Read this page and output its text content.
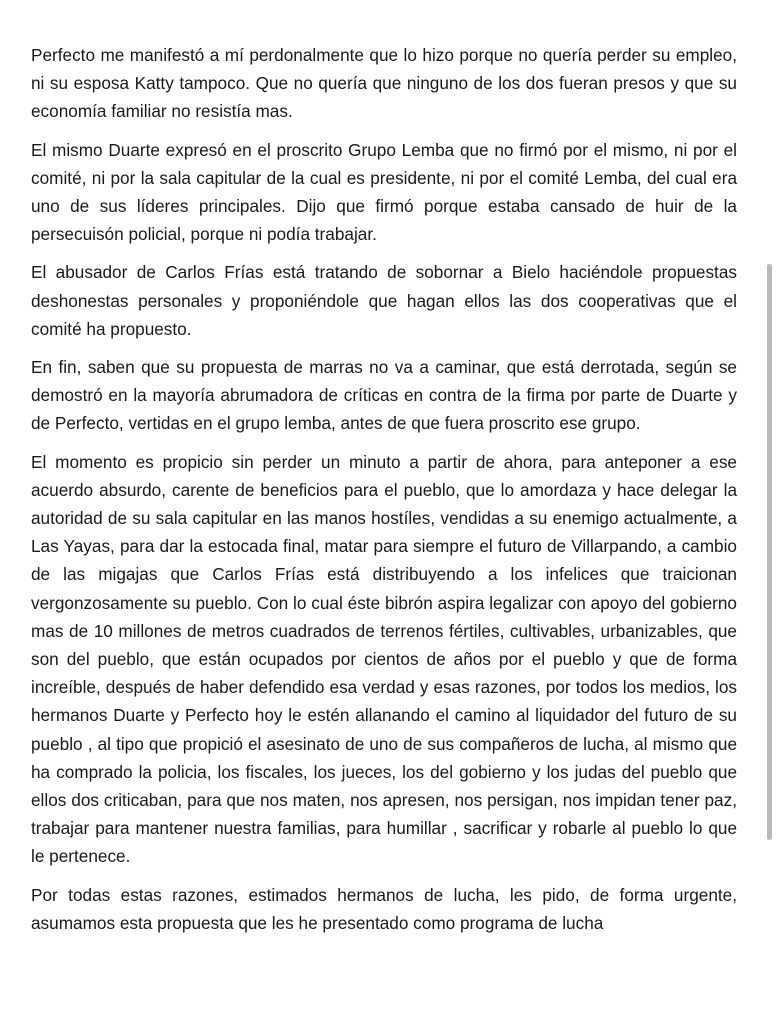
Perfecto me manifestó a mí perdonalmente que lo hizo porque no quería perder su empleo, ni su esposa Katty tampoco. Que no quería que ninguno de los dos fueran presos y que su economía familiar no resistía mas.

El mismo Duarte expresó en el proscrito Grupo Lemba que no firmó por el mismo, ni por el comité, ni por la sala capitular de la cual es presidente, ni por el comité Lemba, del cual era uno de sus líderes principales. Dijo que firmó porque estaba cansado de huir de la persecuisón policial, porque ni podía trabajar.

El abusador de Carlos Frías está tratando de sobornar a Bielo haciéndole propuestas deshonestas personales y proponiéndole que hagan ellos las dos cooperativas que el comité ha propuesto.

En fin, saben que su propuesta de marras no va a caminar, que está derrotada, según se demostró en la mayoría abrumadora de críticas en contra de la firma por parte de Duarte y de Perfecto, vertidas en el grupo lemba, antes de que fuera proscrito ese grupo.

El momento es propicio sin perder un minuto a partir de ahora, para anteponer a ese acuerdo absurdo, carente de beneficios para el pueblo, que lo amordaza y hace delegar la autoridad de su sala capitular en las manos hostíles, vendidas a su enemigo actualmente, a Las Yayas, para dar la estocada final, matar para siempre el futuro de Villarpando, a cambio de las migajas que Carlos Frías está distribuyendo a los infelices que traicionan vergonzosamente su pueblo. Con lo cual éste bibrón aspira legalizar con apoyo del gobierno mas de 10 millones de metros cuadrados de terrenos fértiles, cultivables, urbanizables, que son del pueblo, que están ocupados por cientos de años por el pueblo y que de forma increíble, después de haber defendido esa verdad y esas razones, por todos los medios, los hermanos Duarte y Perfecto hoy le estén allanando el camino al liquidador del futuro de su pueblo , al tipo que propició el asesinato de uno de sus compañeros de lucha, al mismo que ha comprado la policia, los fiscales, los jueces, los del gobierno y los judas del pueblo que ellos dos criticaban, para que nos maten, nos apresen, nos persigan, nos impidan tener paz, trabajar para mantener nuestra familias, para humillar , sacrificar y robarle al pueblo lo que le pertenece.

Por todas estas razones, estimados hermanos de lucha, les pido, de forma urgente, asumamos esta propuesta que les he presentado como programa de lucha
